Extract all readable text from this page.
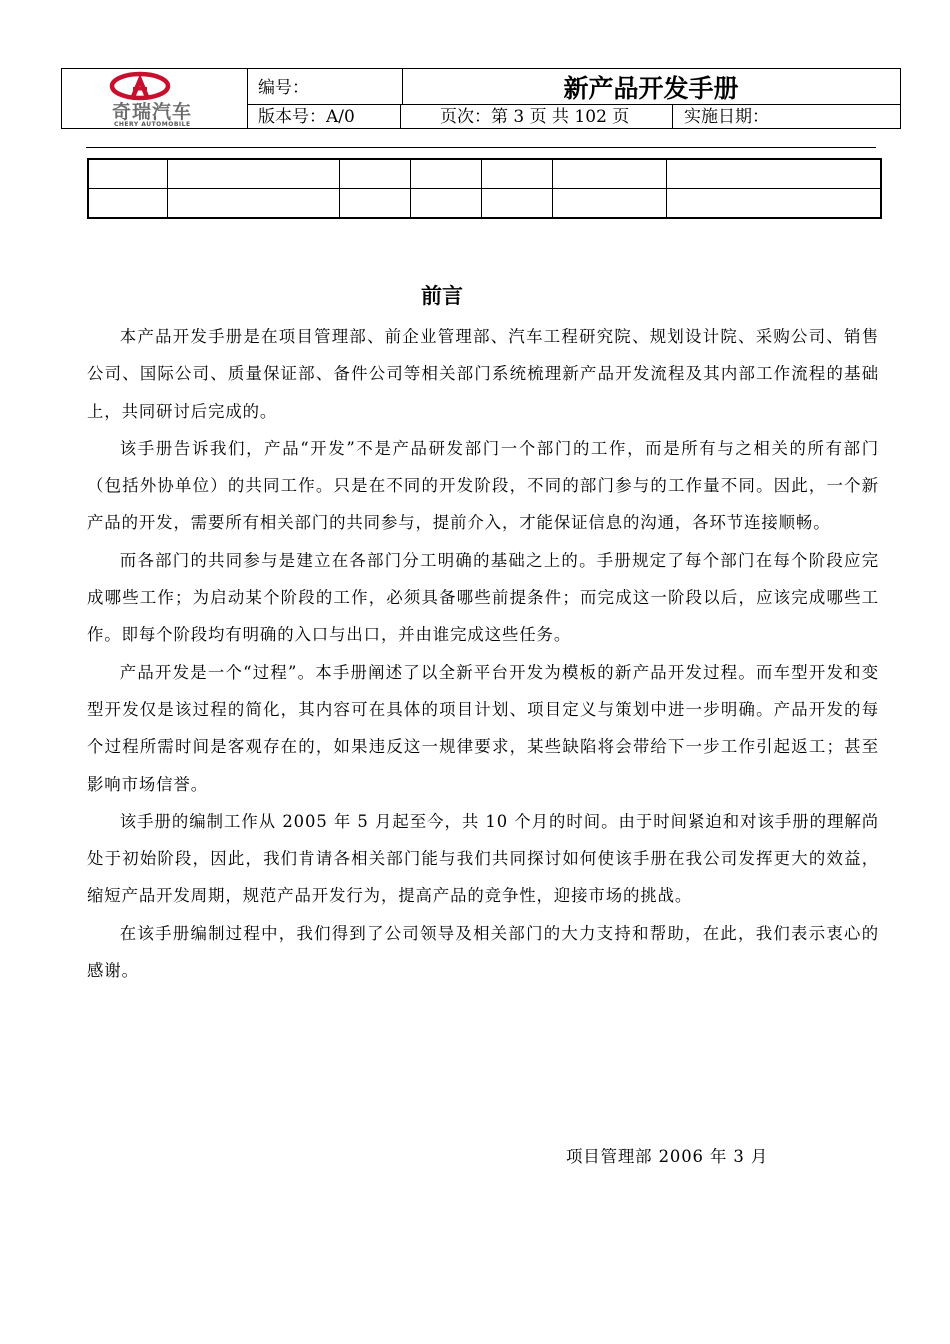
奇瑞汽车
CHERY AUTOMOBILE
编号：	新产品开发手册
版本号：A/0	页次：第 3 页 共 102 页	实施日期：

前言

本产品开发手册是在项目管理部、前企业管理部、汽车工程研究院、规划设计院、采购公司、销售公司、国际公司、质量保证部、备件公司等相关部门系统梳理新产品开发流程及其内部工作流程的基础上，共同研讨后完成的。

该手册告诉我们，产品“开发”不是产品研发部门一个部门的工作，而是所有与之相关的所有部门（包括外协单位）的共同工作。只是在不同的开发阶段，不同的部门参与的工作量不同。因此，一个新产品的开发，需要所有相关部门的共同参与，提前介入，才能保证信息的沟通，各环节连接顺畅。

而各部门的共同参与是建立在各部门分工明确的基础之上的。手册规定了每个部门在每个阶段应完成哪些工作；为启动某个阶段的工作，必须具备哪些前提条件；而完成这一阶段以后，应该完成哪些工作。即每个阶段均有明确的入口与出口，并由谁完成这些任务。

产品开发是一个“过程”。本手册阐述了以全新平台开发为模板的新产品开发过程。而车型开发和变型开发仅是该过程的简化，其内容可在具体的项目计划、项目定义与策划中进一步明确。产品开发的每个过程所需时间是客观存在的，如果违反这一规律要求，某些缺陷将会带给下一步工作引起返工；甚至影响市场信誉。

该手册的编制工作从 2005 年 5 月起至今，共 10 个月的时间。由于时间紧迫和对该手册的理解尚处于初始阶段，因此，我们肯请各相关部门能与我们共同探讨如何使该手册在我公司发挥更大的效益，缩短产品开发周期，规范产品开发行为，提高产品的竞争性，迎接市场的挑战。

在该手册编制过程中，我们得到了公司领导及相关部门的大力支持和帮助，在此，我们表示衷心的感谢。

项目管理部 2006 年 3 月
